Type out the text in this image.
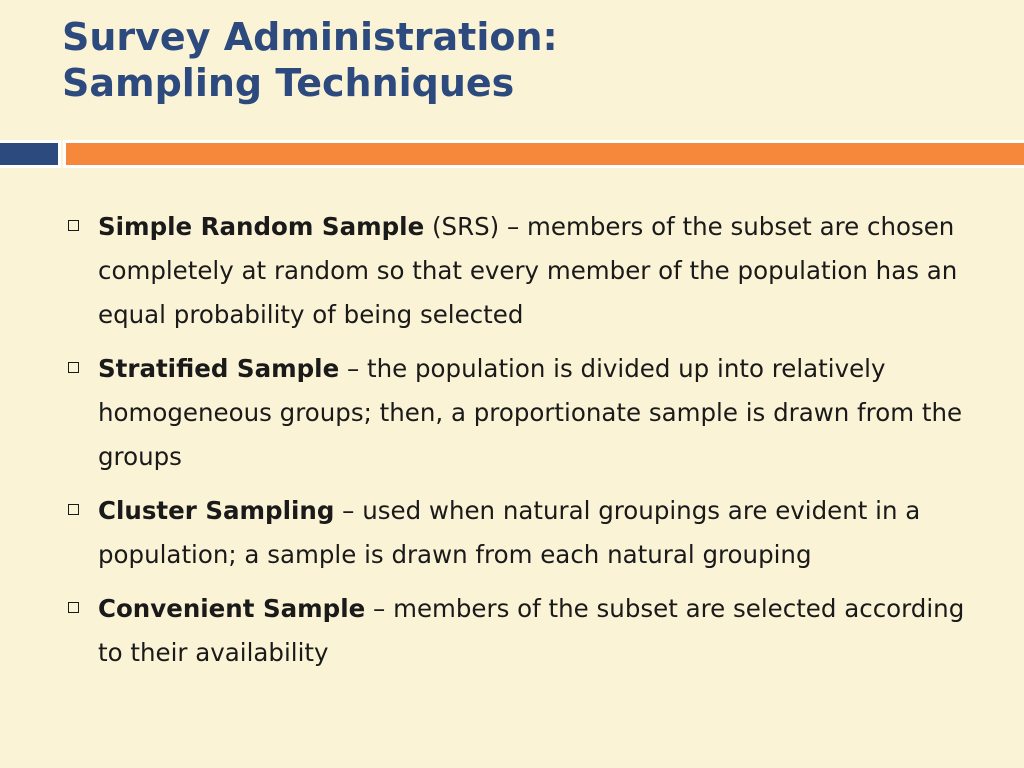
Survey Administration:
Sampling Techniques
Simple Random Sample (SRS) – members of the subset are chosen completely at random so that every member of the population has an equal probability of being selected
Stratified Sample – the population is divided up into relatively homogeneous groups; then, a proportionate sample is drawn from the groups
Cluster Sampling – used when natural groupings are evident in a population; a sample is drawn from each natural grouping
Convenient Sample – members of the subset are selected according to their availability
